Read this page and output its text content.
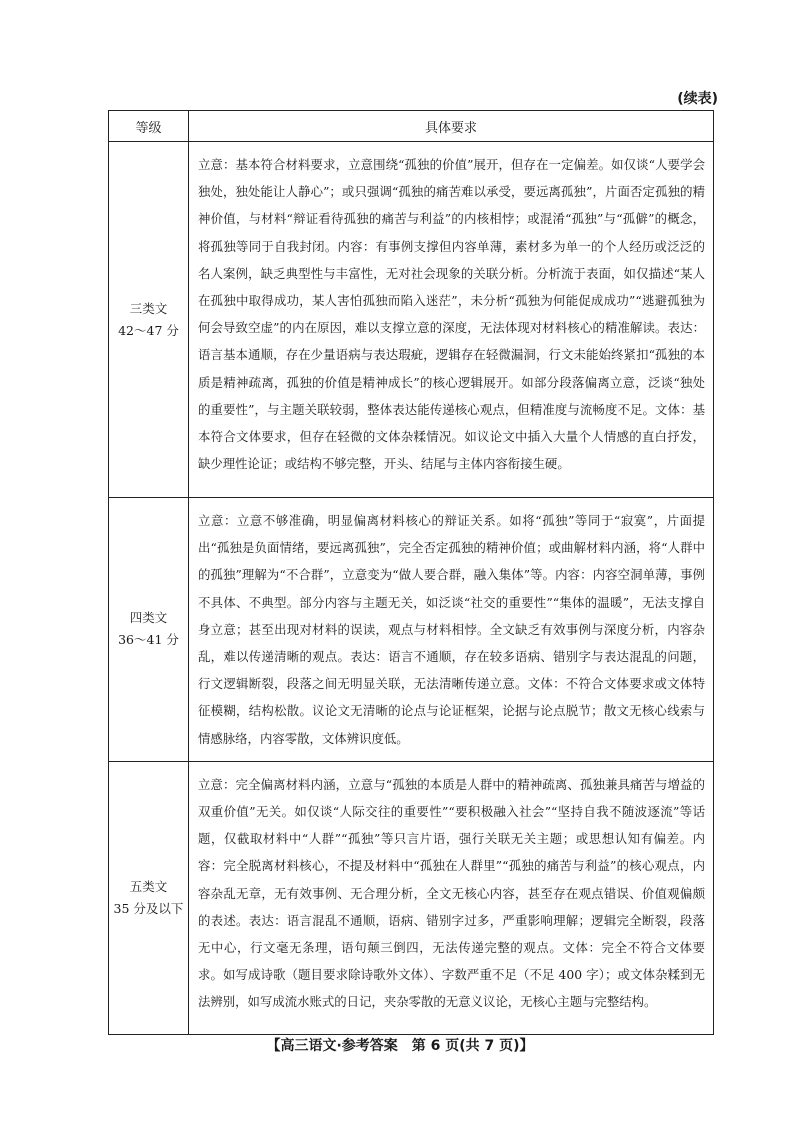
(续表)
等级	具体要求

三类文
42～47 分	立意：基本符合材料要求，立意围绕“孤独的价值”展开，但存在一定偏差。如仅谈“人要学会独处，独处能让人静心”；或只强调“孤独的痛苦难以承受，要远离孤独”，片面否定孤独的精神价值，与材料“辩证看待孤独的痛苦与利益”的内核相悖；或混淆“孤独”与“孤僻”的概念，将孤独等同于自我封闭。内容：有事例支撑但内容单薄，素材多为单一的个人经历或泛泛的名人案例，缺乏典型性与丰富性，无对社会现象的关联分析。分析流于表面，如仅描述“某人在孤独中取得成功，某人害怕孤独而陷入迷茫”，未分析“孤独为何能促成成功”“逃避孤独为何会导致空虚”的内在原因，难以支撑立意的深度，无法体现对材料核心的精准解读。表达：语言基本通顺，存在少量语病与表达瑕疵，逻辑存在轻微漏洞，行文未能始终紧扣“孤独的本质是精神疏离，孤独的价值是精神成长”的核心逻辑展开。如部分段落偏离立意，泛谈“独处的重要性”，与主题关联较弱，整体表达能传递核心观点，但精准度与流畅度不足。文体：基本符合文体要求，但存在轻微的文体杂糅情况。如议论文中插入大量个人情感的直白抒发，缺少理性论证；或结构不够完整，开头、结尾与主体内容衔接生硬。

四类文
36～41 分	立意：立意不够准确，明显偏离材料核心的辩证关系。如将“孤独”等同于“寂寞”，片面提出“孤独是负面情绪，要远离孤独”，完全否定孤独的精神价值；或曲解材料内涵，将“人群中的孤独”理解为“不合群”，立意变为“做人要合群，融入集体”等。内容：内容空洞单薄，事例不具体、不典型。部分内容与主题无关，如泛谈“社交的重要性”“集体的温暖”，无法支撑自身立意；甚至出现对材料的误读，观点与材料相悖。全文缺乏有效事例与深度分析，内容杂乱，难以传递清晰的观点。表达：语言不通顺，存在较多语病、错别字与表达混乱的问题，行文逻辑断裂，段落之间无明显关联，无法清晰传递立意。文体：不符合文体要求或文体特征模糊，结构松散。议论文无清晰的论点与论证框架，论据与论点脱节；散文无核心线索与情感脉络，内容零散，文体辨识度低。

五类文
35 分及以下	立意：完全偏离材料内涵，立意与“孤独的本质是人群中的精神疏离、孤独兼具痛苦与增益的双重价值”无关。如仅谈“人际交往的重要性”“要积极融入社会”“坚持自我不随波逐流”等话题，仅截取材料中“人群”“孤独”等只言片语，强行关联无关主题；或思想认知有偏差。内容：完全脱离材料核心，不提及材料中“孤独在人群里”“孤独的痛苦与利益”的核心观点，内容杂乱无章，无有效事例、无合理分析，全文无核心内容，甚至存在观点错误、价值观偏颇的表述。表达：语言混乱不通顺，语病、错别字过多，严重影响理解；逻辑完全断裂，段落无中心，行文毫无条理，语句颠三倒四，无法传递完整的观点。文体：完全不符合文体要求。如写成诗歌（题目要求除诗歌外文体）、字数严重不足（不足 400 字）；或文体杂糅到无法辨别，如写成流水账式的日记，夹杂零散的无意义议论，无核心主题与完整结构。
【高三语文·参考答案　第 6 页(共 7 页)】
